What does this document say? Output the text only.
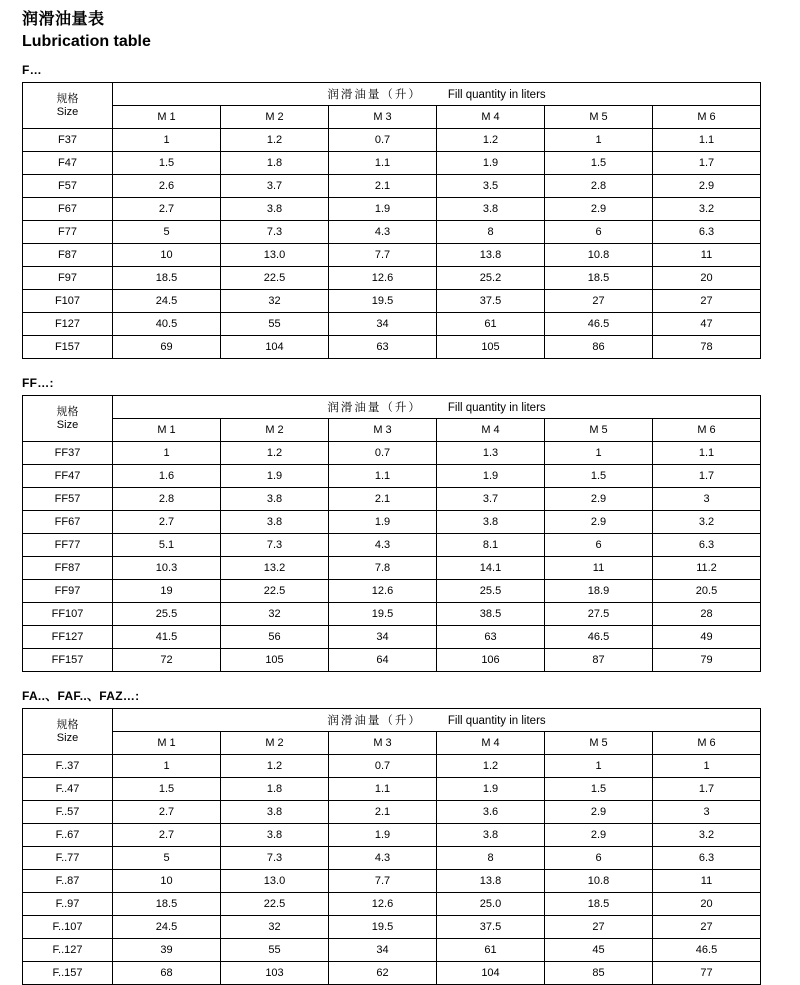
润滑油量表
Lubrication table
F…
规格
Size	润滑油量（升） Fill quantity in liters					
	M 1	M 2	M 3	M 4	M 5	M 6
F37	1	1.2	0.7	1.2	1	1.1
F47	1.5	1.8	1.1	1.9	1.5	1.7
F57	2.6	3.7	2.1	3.5	2.8	2.9
F67	2.7	3.8	1.9	3.8	2.9	3.2
F77	5	7.3	4.3	8	6	6.3
F87	10	13.0	7.7	13.8	10.8	11
F97	18.5	22.5	12.6	25.2	18.5	20
F107	24.5	32	19.5	37.5	27	27
F127	40.5	55	34	61	46.5	47
F157	69	104	63	105	86	78
FF…:
规格
Size	润滑油量（升） Fill quantity in liters					
	M 1	M 2	M 3	M 4	M 5	M 6
FF37	1	1.2	0.7	1.3	1	1.1
FF47	1.6	1.9	1.1	1.9	1.5	1.7
FF57	2.8	3.8	2.1	3.7	2.9	3
FF67	2.7	3.8	1.9	3.8	2.9	3.2
FF77	5.1	7.3	4.3	8.1	6	6.3
FF87	10.3	13.2	7.8	14.1	11	11.2
FF97	19	22.5	12.6	25.5	18.9	20.5
FF107	25.5	32	19.5	38.5	27.5	28
FF127	41.5	56	34	63	46.5	49
FF157	72	105	64	106	87	79
FA..、FAF..、FAZ…:
规格
Size	润滑油量（升） Fill quantity in liters					
	M 1	M 2	M 3	M 4	M 5	M 6
F..37	1	1.2	0.7	1.2	1	1
F..47	1.5	1.8	1.1	1.9	1.5	1.7
F..57	2.7	3.8	2.1	3.6	2.9	3
F..67	2.7	3.8	1.9	3.8	2.9	3.2
F..77	5	7.3	4.3	8	6	6.3
F..87	10	13.0	7.7	13.8	10.8	11
F..97	18.5	22.5	12.6	25.0	18.5	20
F..107	24.5	32	19.5	37.5	27	27
F..127	39	55	34	61	45	46.5
F..157	68	103	62	104	85	77
